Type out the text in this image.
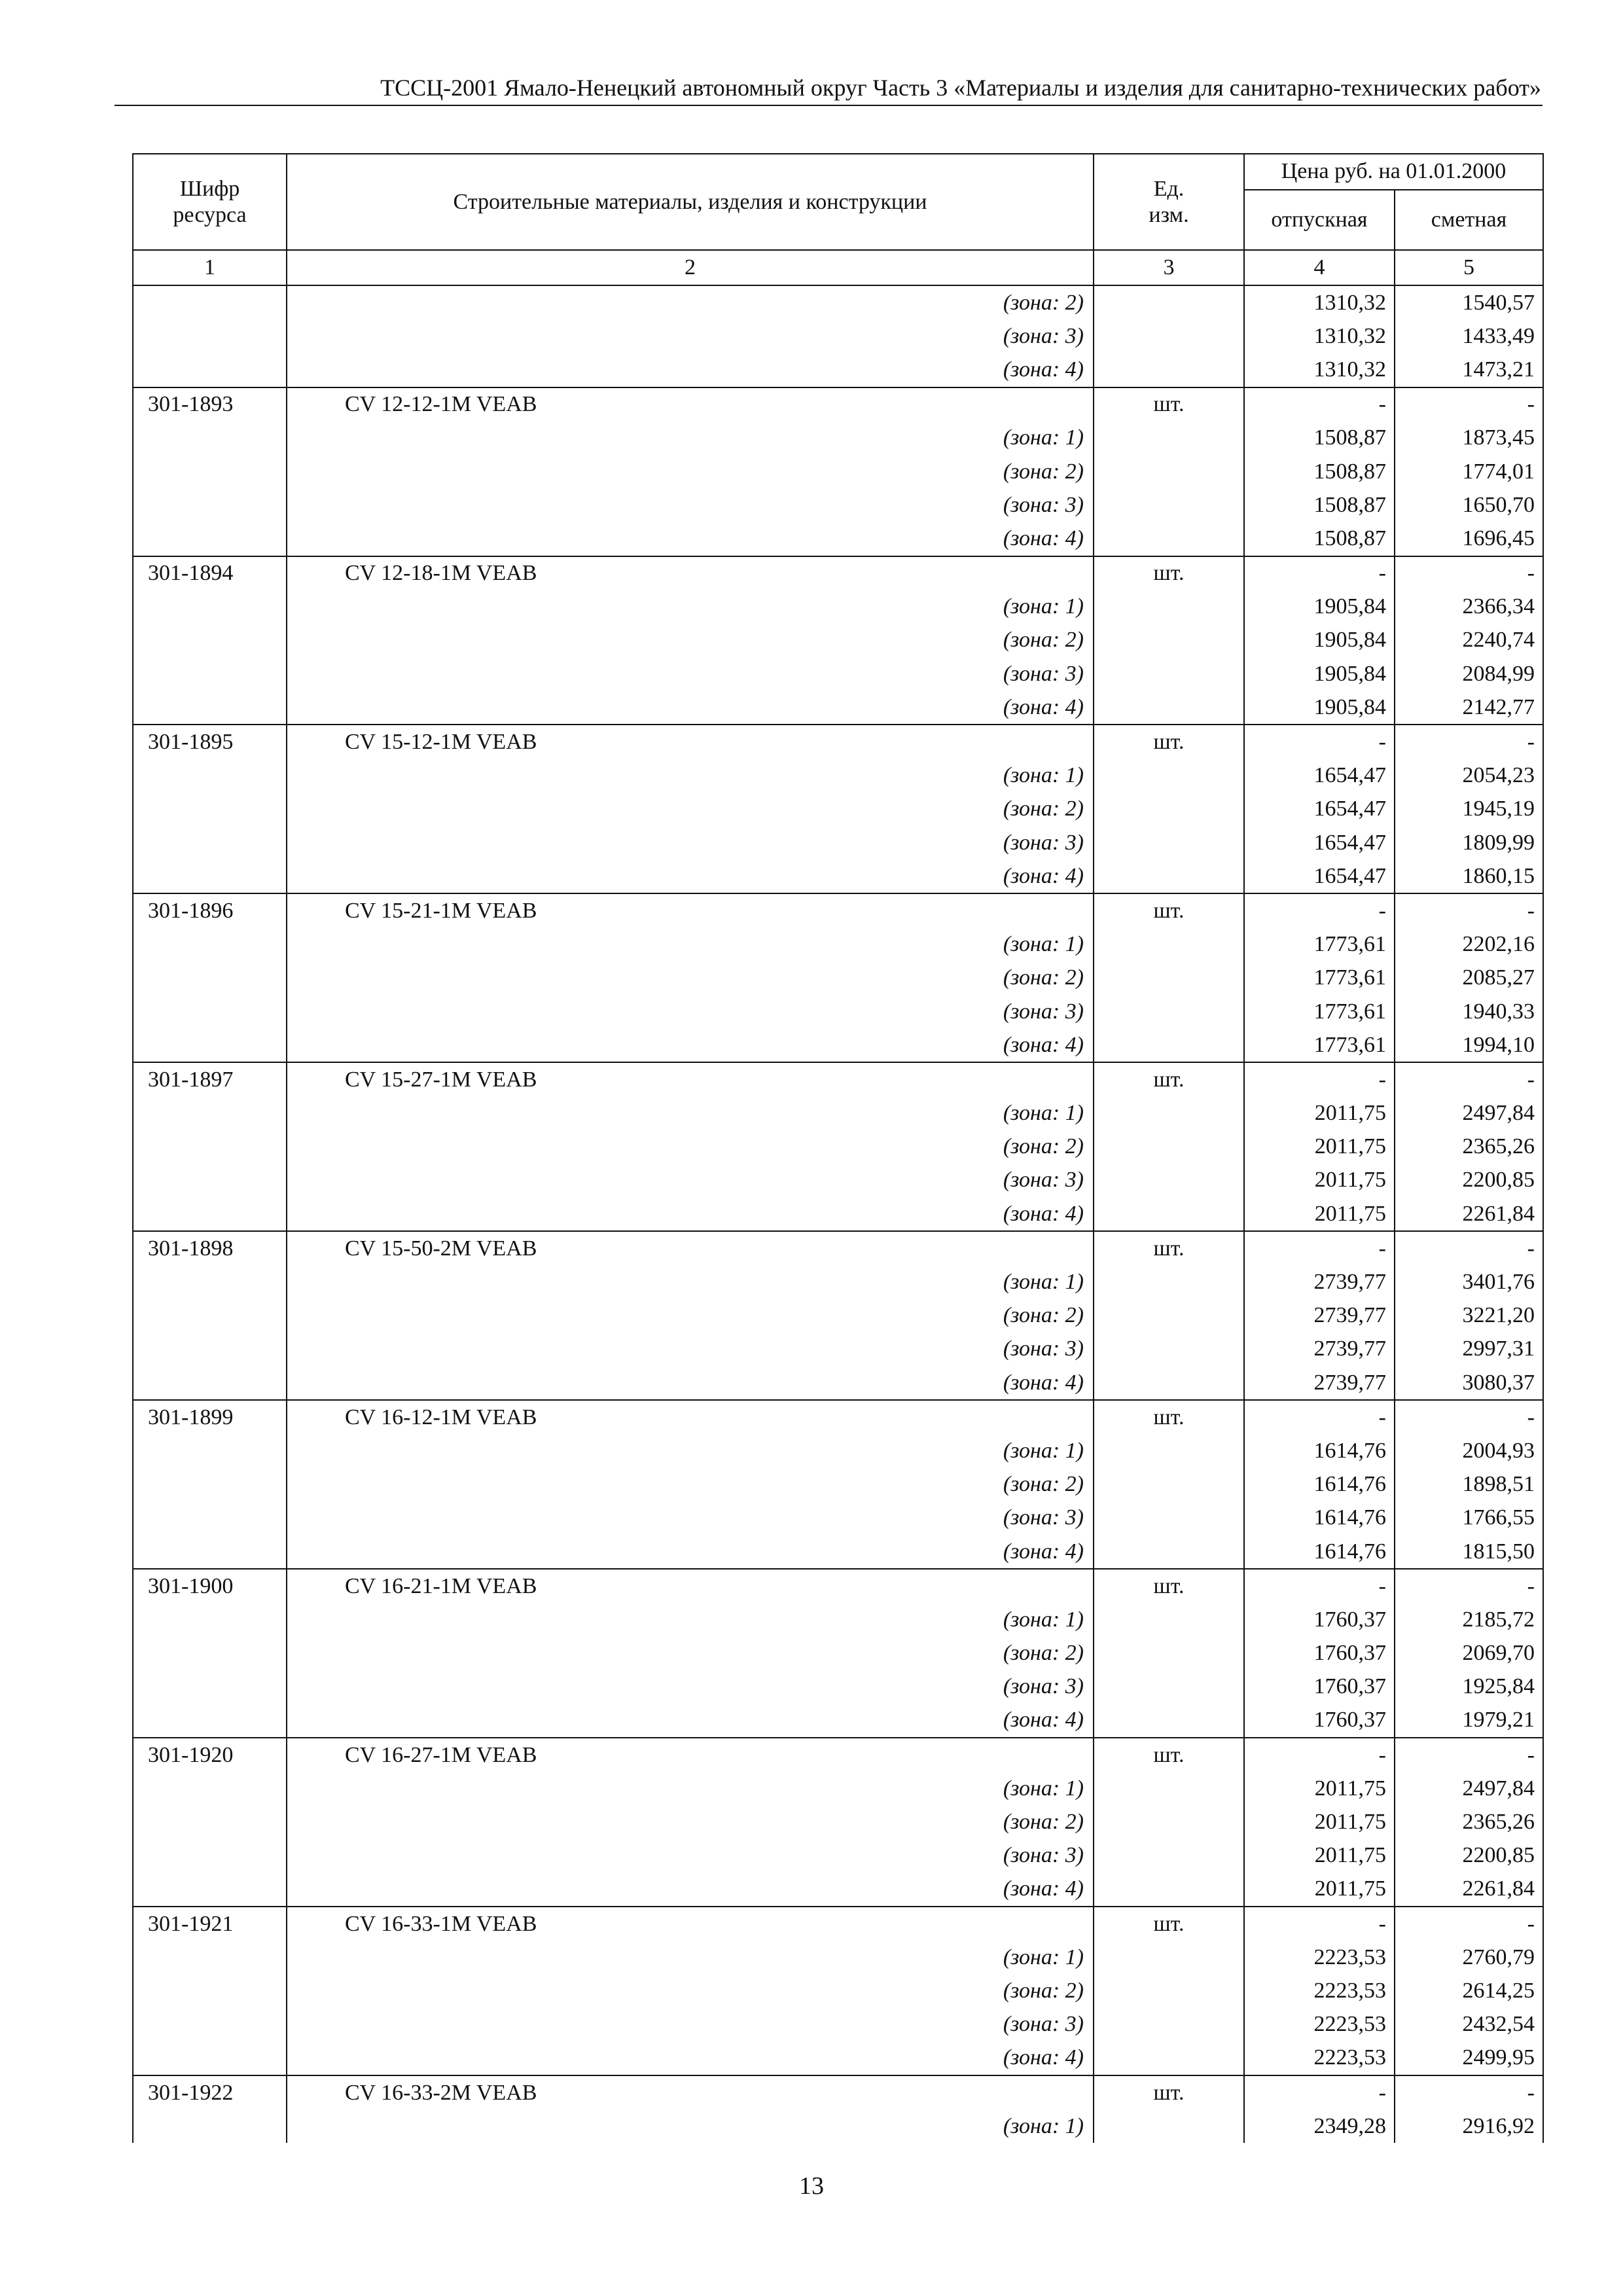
ТССЦ-2001 Ямало-Ненецкий автономный округ Часть 3 «Материалы и изделия для санитарно-технических работ»
Шифр ресурса	Строительные материалы, изделия и конструкции	Ед. изм.	Цена руб. на 01.01.2000	
			отпускная	сметная
1	2	3	4	5
	(зона: 2)		1310,32	1540,57
	(зона: 3)		1310,32	1433,49
	(зона: 4)		1310,32	1473,21
301-1893	CV 12-12-1M VEAB	шт.	-	-
	(зона: 1)		1508,87	1873,45
	(зона: 2)		1508,87	1774,01
	(зона: 3)		1508,87	1650,70
	(зона: 4)		1508,87	1696,45
301-1894	CV 12-18-1M VEAB	шт.	-	-
	(зона: 1)		1905,84	2366,34
	(зона: 2)		1905,84	2240,74
	(зона: 3)		1905,84	2084,99
	(зона: 4)		1905,84	2142,77
301-1895	CV 15-12-1M VEAB	шт.	-	-
	(зона: 1)		1654,47	2054,23
	(зона: 2)		1654,47	1945,19
	(зона: 3)		1654,47	1809,99
	(зона: 4)		1654,47	1860,15
301-1896	CV 15-21-1M VEAB	шт.	-	-
	(зона: 1)		1773,61	2202,16
	(зона: 2)		1773,61	2085,27
	(зона: 3)		1773,61	1940,33
	(зона: 4)		1773,61	1994,10
301-1897	CV 15-27-1M VEAB	шт.	-	-
	(зона: 1)		2011,75	2497,84
	(зона: 2)		2011,75	2365,26
	(зона: 3)		2011,75	2200,85
	(зона: 4)		2011,75	2261,84
301-1898	CV 15-50-2M VEAB	шт.	-	-
	(зона: 1)		2739,77	3401,76
	(зона: 2)		2739,77	3221,20
	(зона: 3)		2739,77	2997,31
	(зона: 4)		2739,77	3080,37
301-1899	CV 16-12-1M VEAB	шт.	-	-
	(зона: 1)		1614,76	2004,93
	(зона: 2)		1614,76	1898,51
	(зона: 3)		1614,76	1766,55
	(зона: 4)		1614,76	1815,50
301-1900	CV 16-21-1M VEAB	шт.	-	-
	(зона: 1)		1760,37	2185,72
	(зона: 2)		1760,37	2069,70
	(зона: 3)		1760,37	1925,84
	(зона: 4)		1760,37	1979,21
301-1920	CV 16-27-1M VEAB	шт.	-	-
	(зона: 1)		2011,75	2497,84
	(зона: 2)		2011,75	2365,26
	(зона: 3)		2011,75	2200,85
	(зона: 4)		2011,75	2261,84
301-1921	CV 16-33-1M VEAB	шт.	-	-
	(зона: 1)		2223,53	2760,79
	(зона: 2)		2223,53	2614,25
	(зона: 3)		2223,53	2432,54
	(зона: 4)		2223,53	2499,95
301-1922	CV 16-33-2M VEAB	шт.	-	-
	(зона: 1)		2349,28	2916,92
13
